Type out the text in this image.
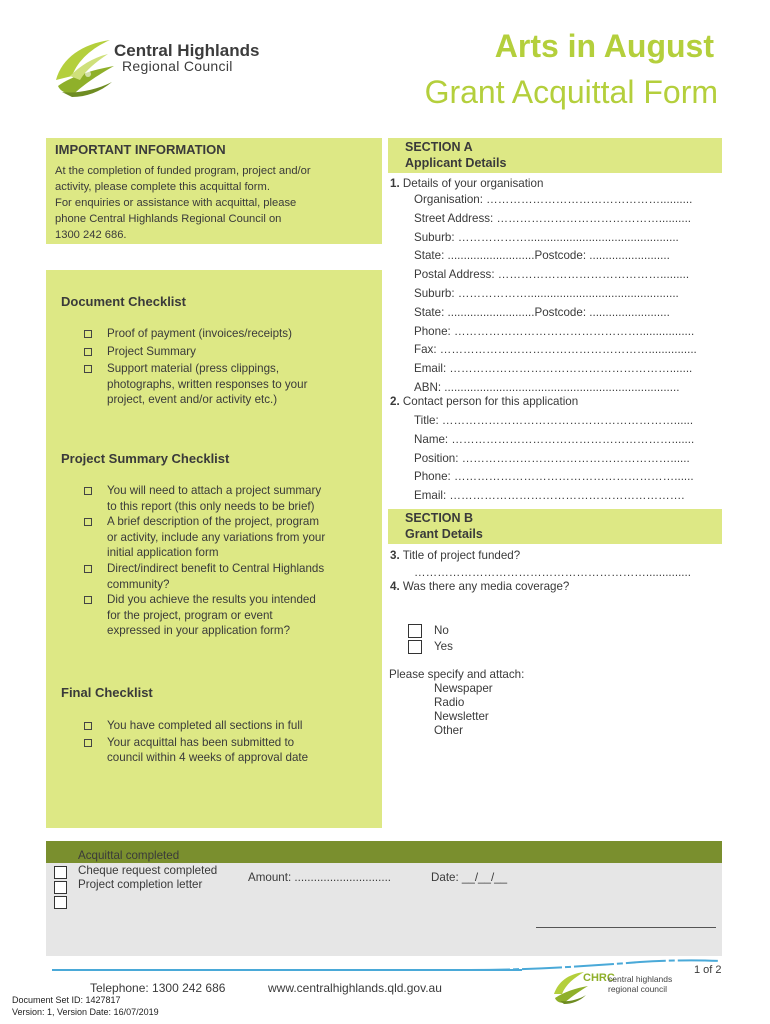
Central Highlands
Regional Council
Arts in August
Grant Acquittal Form
IMPORTANT INFORMATION
At the completion of funded program, project and/or
activity, please complete this acquittal form.
For enquiries or assistance with acquittal, please
phone Central Highlands Regional Council on
1300 242 686.
Document Checklist
Proof of payment (invoices/receipts)
Project Summary
Support material (press clippings,
photographs, written responses to your
project, event and/or activity etc.)
Project Summary Checklist
You will need to attach a project summary
to this report (this only needs to be brief)
A brief description of the project, program
or activity, include any variations from your
initial application form
Direct/indirect benefit to Central Highlands
community?
Did you achieve the results you intended
for the project, program or event
expressed in your application form?
Final Checklist
You have completed all sections in full
Your acquittal has been submitted to
council within 4 weeks of approval date
SECTION A
Applicant Details
1. Details of your organisation
Organisation: ………………………………………..........
Street Address: ……………………………………..........
Suburb: ………………...............................................
State: ...........................Postcode: .........................
Postal Address: …………………………………….........
Suburb: ………………...............................................
State: ...........................Postcode: .........................
Phone: ………………………………………….................
Fax: ………………………………………………...............
Email: ………………………………………………….......
ABN: .........................................................................
2. Contact person for this application
Title: ……………………………………………………......
Name: ………………………………………………….......
Position: ………………………………………………......
Phone: …………………………………………………......
Email: …………………………………………………….
SECTION B
Grant Details
3. Title of project funded?
……………………………………………………..............
4. Was there any media coverage?
No
Yes
Please specify and attach:
Newspaper
Radio
Newsletter
Other
Acquittal completed
Cheque request completed
Project completion letter
Amount: ..............................	Date: __/__/__
Telephone: 1300 242 686	www.centralhighlands.qld.gov.au
1 of 2
CHRC
central highlands
regional council
Document Set ID: 1427817
Version: 1, Version Date: 16/07/2019
